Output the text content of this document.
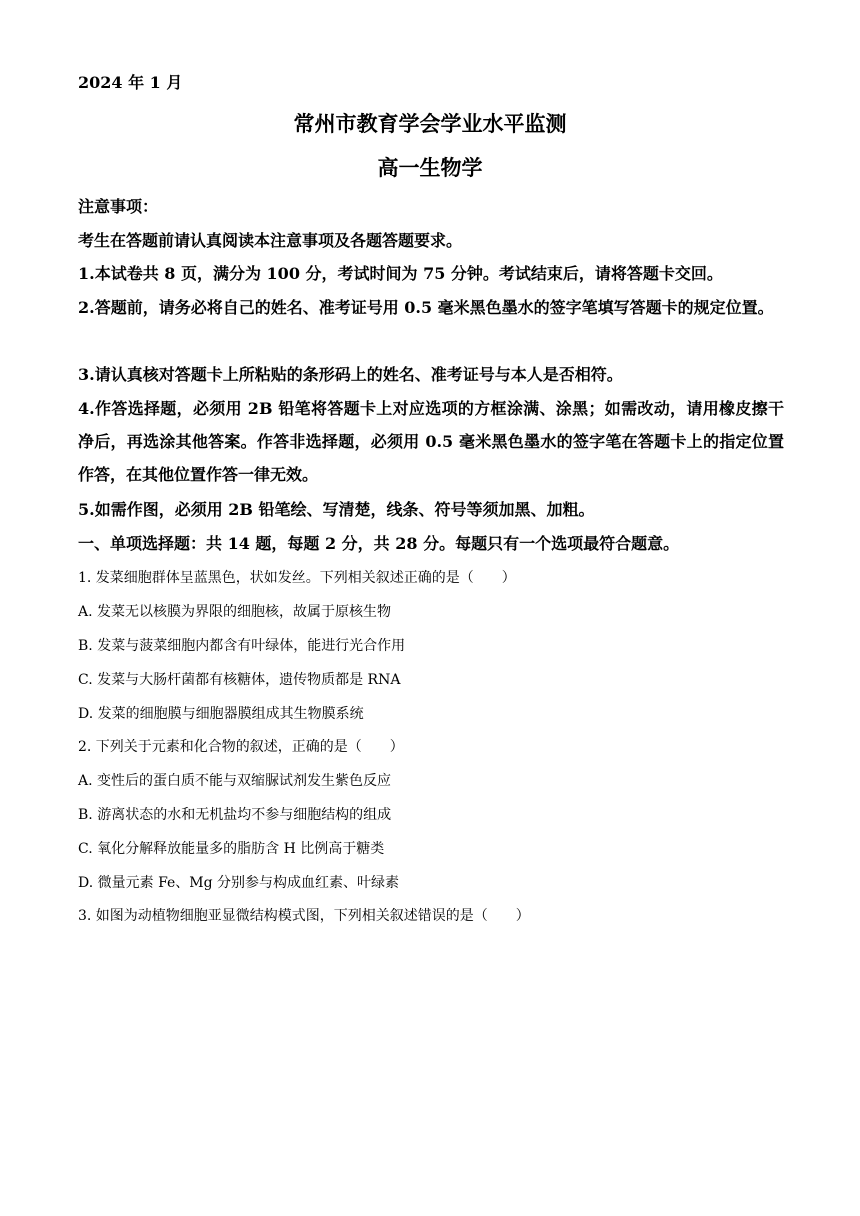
2024 年 1 月
常州市教育学会学业水平监测
高一生物学
注意事项：
考生在答题前请认真阅读本注意事项及各题答题要求。
1.本试卷共 8 页，满分为 100 分，考试时间为 75 分钟。考试结束后，请将答题卡交回。
2.答题前，请务必将自己的姓名、准考证号用 0.5 毫米黑色墨水的签字笔填写答题卡的规定位置。
3.请认真核对答题卡上所粘贴的条形码上的姓名、准考证号与本人是否相符。
4.作答选择题，必须用 2B 铅笔将答题卡上对应选项的方框涂满、涂黑；如需改动，请用橡皮擦干净后，再选涂其他答案。作答非选择题，必须用 0.5 毫米黑色墨水的签字笔在答题卡上的指定位置作答，在其他位置作答一律无效。
5.如需作图，必须用 2B 铅笔绘、写清楚，线条、符号等须加黑、加粗。
一、单项选择题：共 14 题，每题 2 分，共 28 分。每题只有一个选项最符合题意。
1. 发菜细胞群体呈蓝黑色，状如发丝。下列相关叙述正确的是（　　）
A. 发菜无以核膜为界限的细胞核，故属于原核生物
B. 发菜与菠菜细胞内都含有叶绿体，能进行光合作用
C. 发菜与大肠杆菌都有核糖体，遗传物质都是 RNA
D. 发菜的细胞膜与细胞器膜组成其生物膜系统
2. 下列关于元素和化合物的叙述，正确的是（　　）
A. 变性后的蛋白质不能与双缩脲试剂发生紫色反应
B. 游离状态的水和无机盐均不参与细胞结构的组成
C. 氧化分解释放能量多的脂肪含 H 比例高于糖类
D. 微量元素 Fe、Mg 分别参与构成血红素、叶绿素
3. 如图为动植物细胞亚显微结构模式图，下列相关叙述错误的是（　　）
